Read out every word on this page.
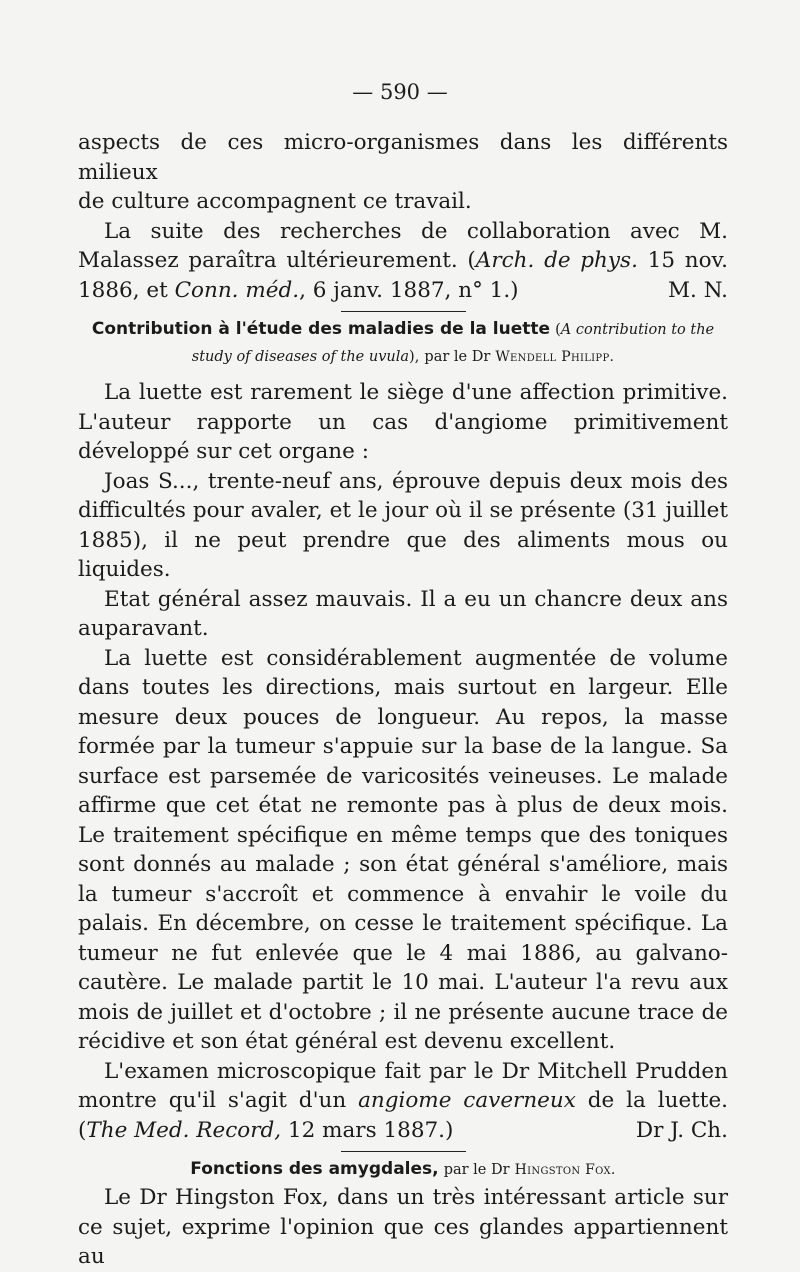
— 590 —
aspects de ces micro-organismes dans les différents milieux
de culture accompagnent ce travail.

La suite des recherches de collaboration avec M. Malassez paraîtra ultérieurement. (Arch. de phys. 15 nov. 1886, et Conn. méd., 6 janv. 1887, n° 1.)	M. N.

Contribution à l'étude des maladies de la luette (A contribution to the study of diseases of the uvula), par le Dr Wendell Philipp.

La luette est rarement le siège d'une affection primitive. L'auteur rapporte un cas d'angiome primitivement développé sur cet organe :

Joas S..., trente-neuf ans, éprouve depuis deux mois des difficultés pour avaler, et le jour où il se présente (31 juillet 1885), il ne peut prendre que des aliments mous ou liquides.

Etat général assez mauvais. Il a eu un chancre deux ans auparavant.

La luette est considérablement augmentée de volume dans toutes les directions, mais surtout en largeur. Elle mesure deux pouces de longueur. Au repos, la masse formée par la tumeur s'appuie sur la base de la langue. Sa surface est parsemée de varicosités veineuses. Le malade affirme que cet état ne remonte pas à plus de deux mois. Le traitement spécifique en même temps que des toniques sont donnés au malade ; son état général s'améliore, mais la tumeur s'accroît et commence à envahir le voile du palais. En décembre, on cesse le traitement spécifique. La tumeur ne fut enlevée que le 4 mai 1886, au galvano-cautère. Le malade partit le 10 mai. L'auteur l'a revu aux mois de juillet et d'octobre ; il ne présente aucune trace de récidive et son état général est devenu excellent.

L'examen microscopique fait par le Dr Mitchell Prudden montre qu'il s'agit d'un angiome caverneux de la luette. (The Med. Record, 12 mars 1887.)	Dr J. Ch.

Fonctions des amygdales, par le Dr Hingston Fox.

Le Dr Hingston Fox, dans un très intéressant article sur ce sujet, exprime l'opinion que ces glandes appartiennent au
